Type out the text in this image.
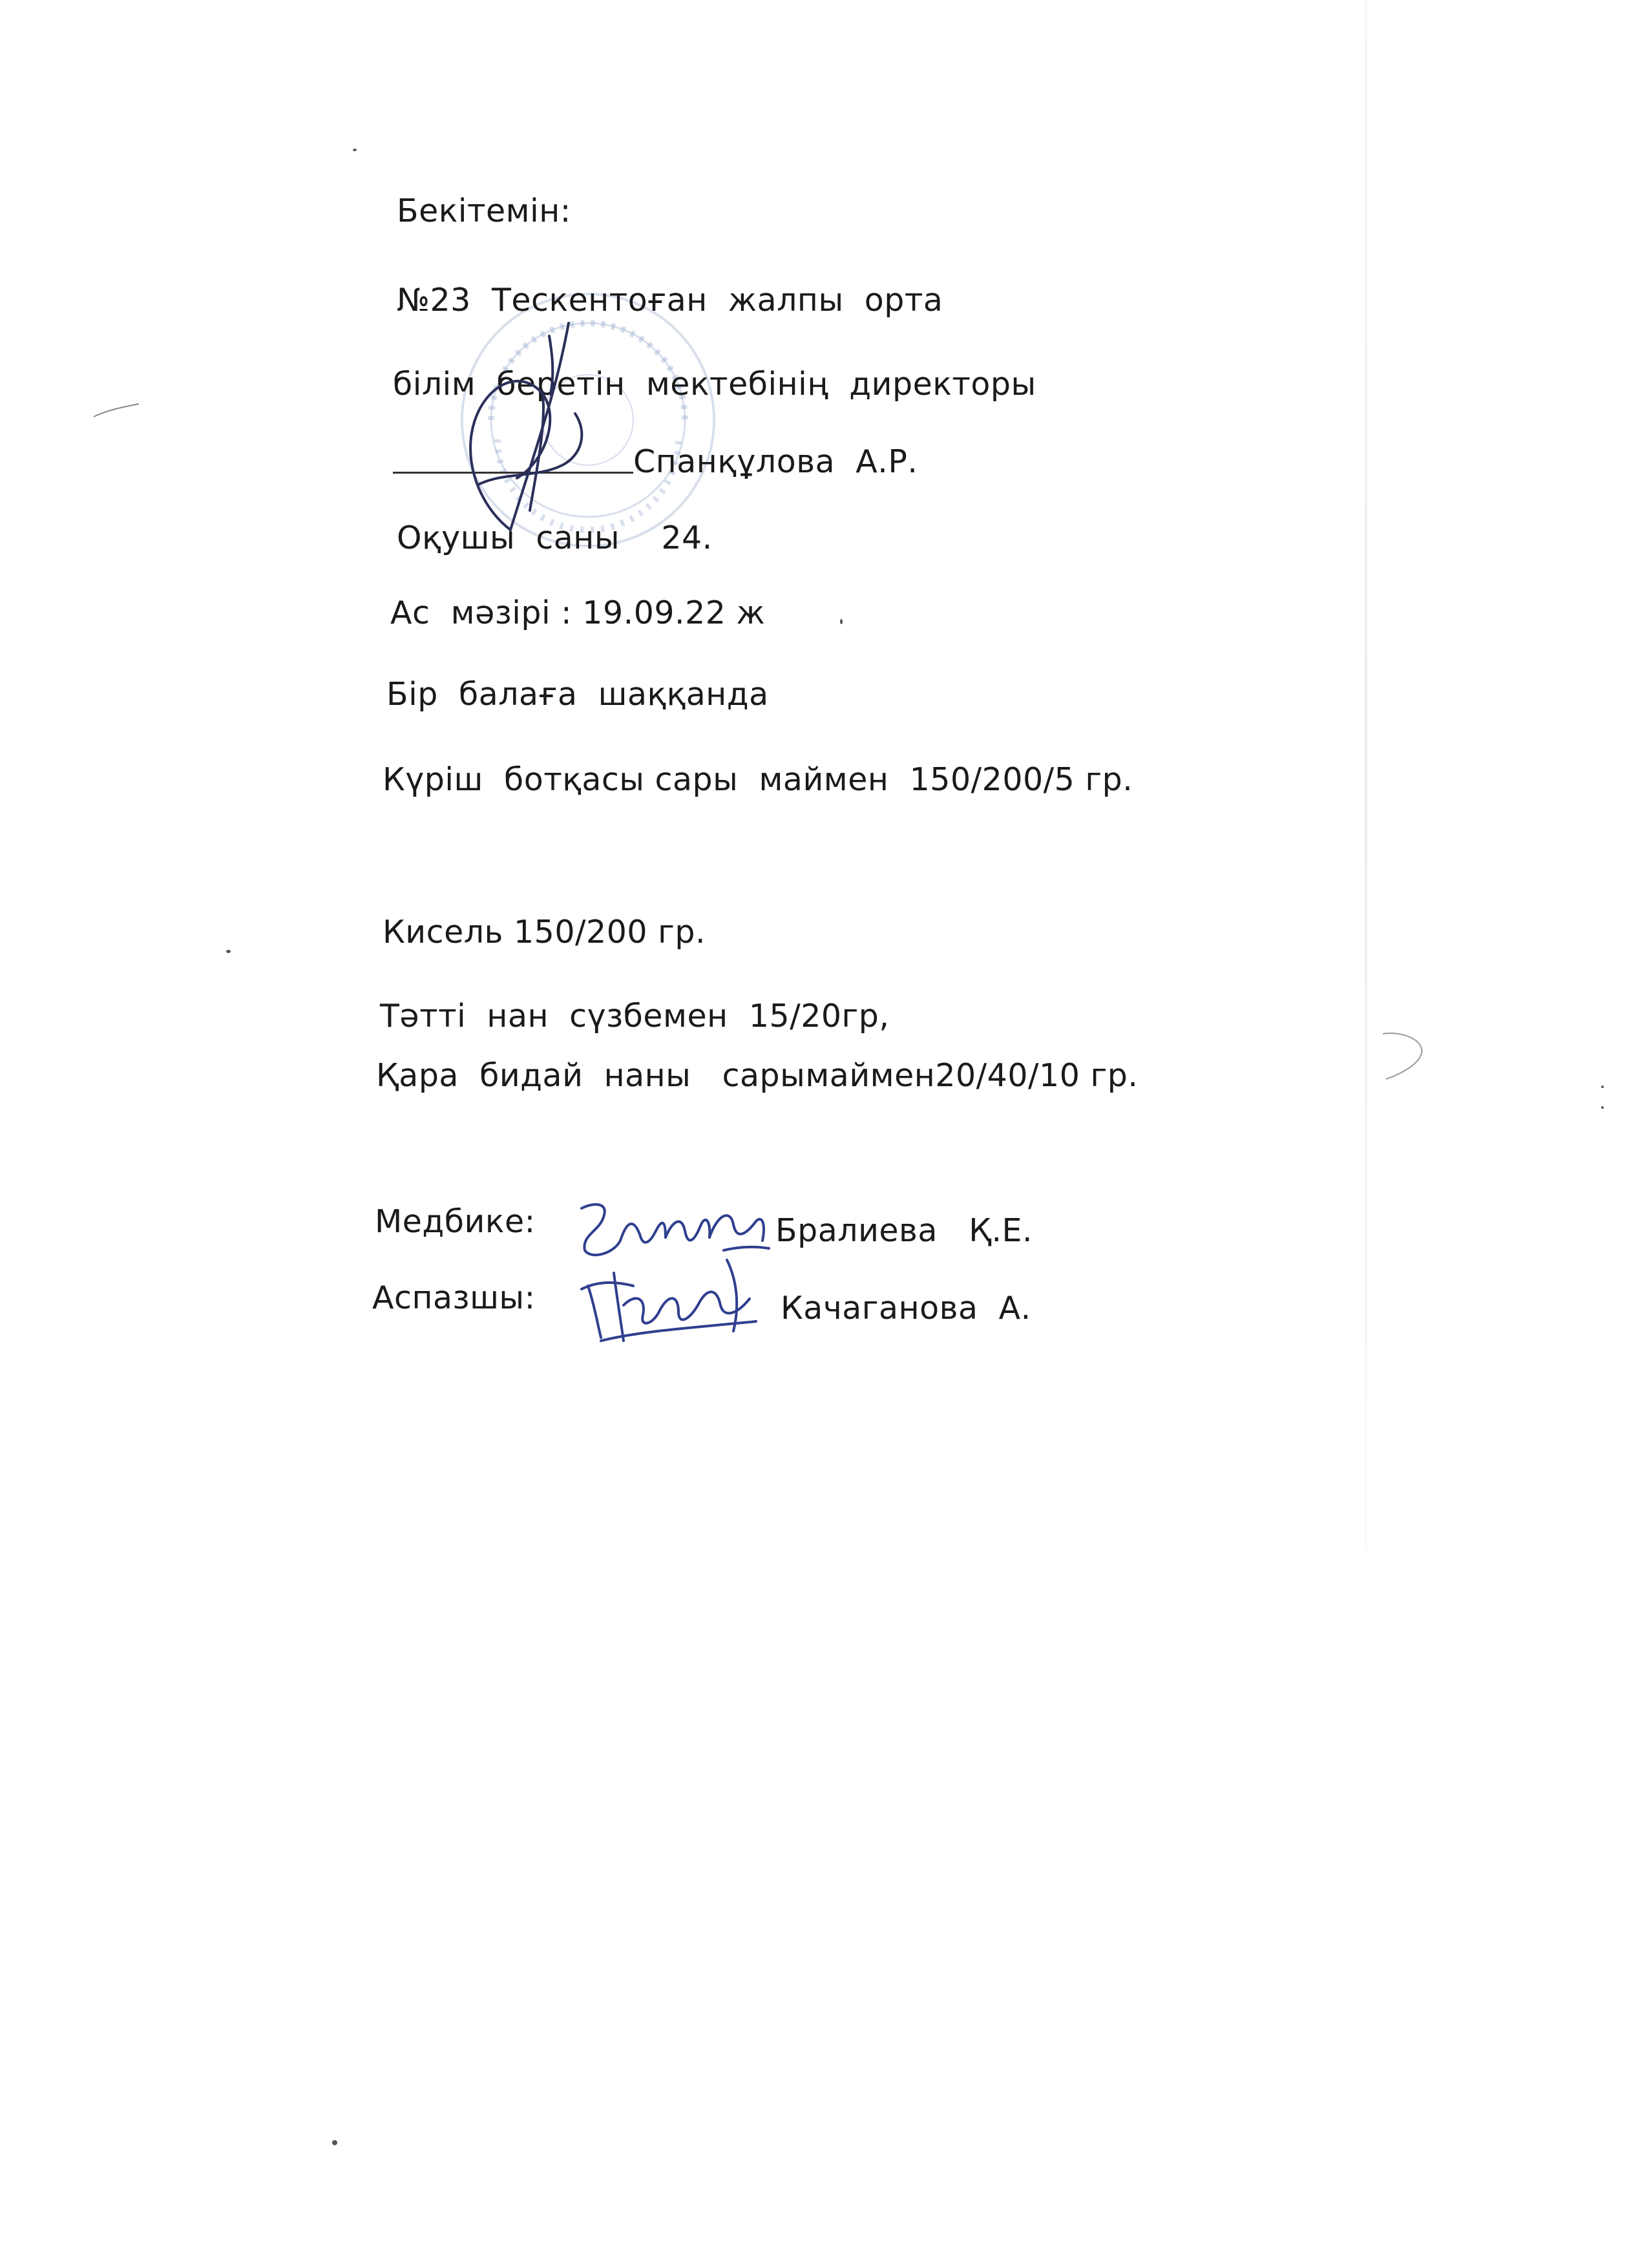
Бекітемін:
№23  Тескентоған  жалпы  орта
білім  беретін  мектебінің  директоры
Спанқұлова  А.Р.
Оқушы  саны    24.
Ас  мәзірі : 19.09.22 ж
Бір  балаға  шаққанда
Күріш  ботқасы сары  маймен  150/200/5 гр.
Кисель 150/200 гр.
Тәтті  нан  сүзбемен  15/20гр,
Қара  бидай  наны   сарымаймен20/40/10 гр.
Медбике:	Бралиева   Қ.Е.
Аспазшы:	Качаганова  А.
